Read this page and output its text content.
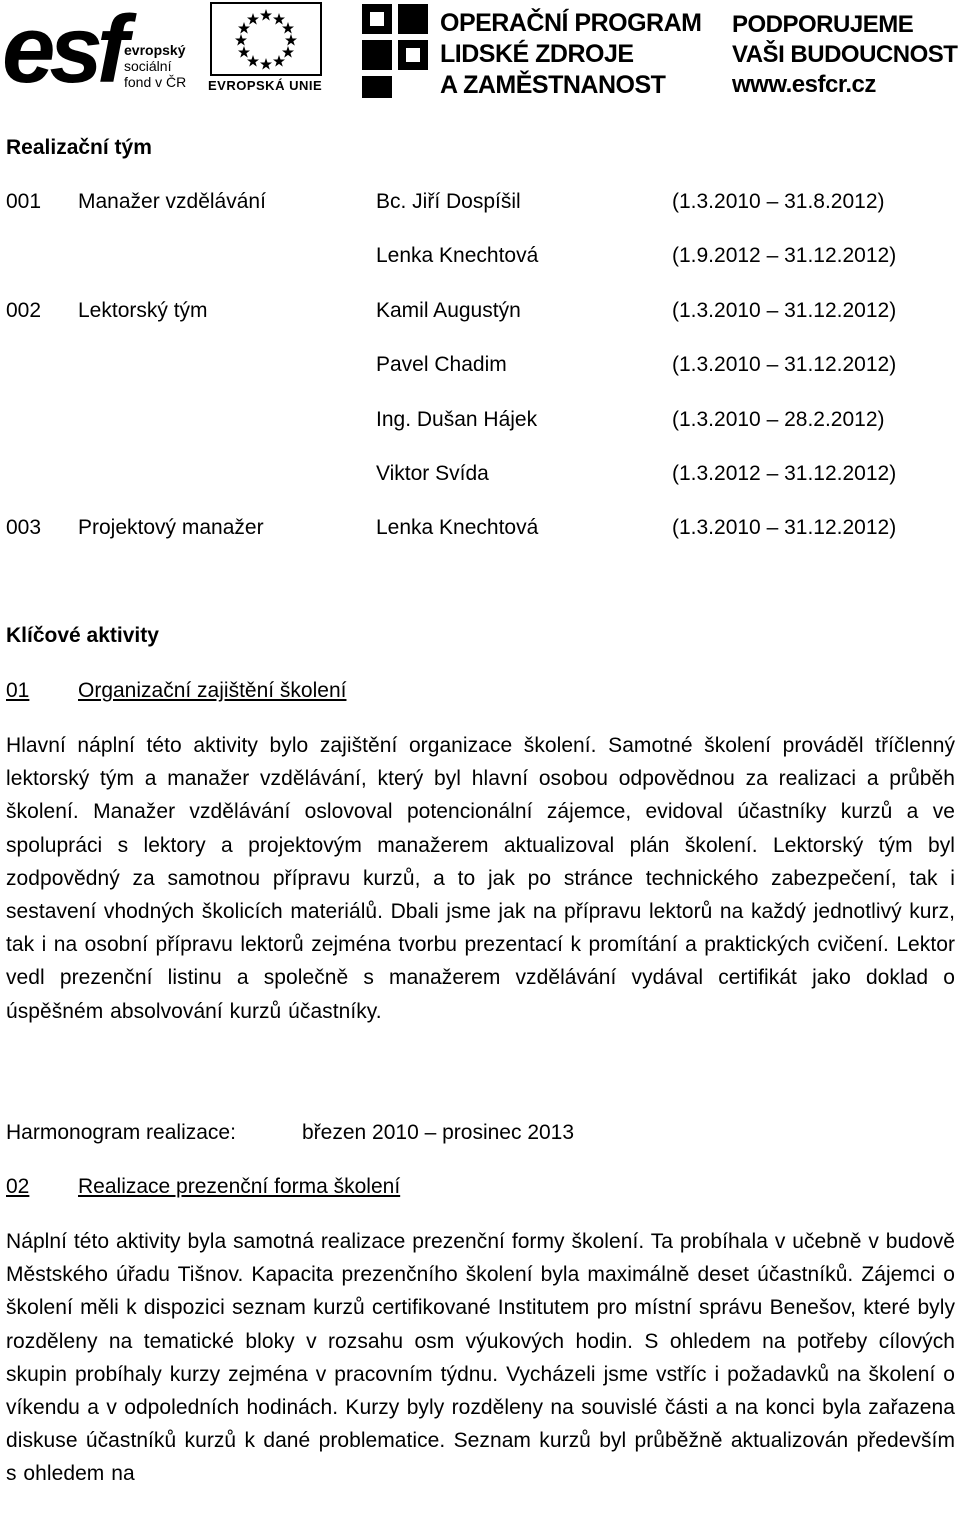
esf evropský
sociální
fond v ČR EVROPSKÁ UNIE
OPERAČNÍ PROGRAM
LIDSKÉ ZDROJE
A ZAMĚSTNANOST
PODPORUJEME
VAŠI BUDOUCNOST
www.esfcr.cz
Realizační tým
001 Manažer vzdělávání	Bc. Jiří Dospíšil	(1.3.2010 – 31.8.2012)
Lenka Knechtová	(1.9.2012 – 31.12.2012)
002 Lektorský tým	Kamil Augustýn	(1.3.2010 – 31.12.2012)
Pavel Chadim	(1.3.2010 – 31.12.2012)
Ing. Dušan Hájek	(1.3.2010 – 28.2.2012)
Viktor Svída	(1.3.2012 – 31.12.2012)
003 Projektový manažer	Lenka Knechtová	(1.3.2010 – 31.12.2012)
Klíčové aktivity
01 Organizační zajištění školení
Hlavní náplní této aktivity bylo zajištění organizace školení. Samotné školení prováděl tříčlenný lektorský tým a manažer vzdělávání, který byl hlavní osobou odpovědnou za realizaci a průběh školení. Manažer vzdělávání oslovoval potencionální zájemce, evidoval účastníky kurzů a ve spolupráci s lektory a projektovým manažerem aktualizoval plán školení. Lektorský tým byl zodpovědný za samotnou přípravu kurzů, a to jak po stránce technického zabezpečení, tak i sestavení vhodných školicích materiálů. Dbali jsme jak na přípravu lektorů na každý jednotlivý kurz, tak i na osobní přípravu lektorů zejména tvorbu prezentací k promítání a praktických cvičení. Lektor vedl prezenční listinu a společně s manažerem vzdělávání vydával certifikát jako doklad o úspěšném absolvování kurzů účastníky.
Harmonogram realizace:	březen 2010 – prosinec 2013
02 Realizace prezenční forma školení
Náplní této aktivity byla samotná realizace prezenční formy školení. Ta probíhala v učebně v budově Městského úřadu Tišnov. Kapacita prezenčního školení byla maximálně deset účastníků. Zájemci o školení měli k dispozici seznam kurzů certifikované Institutem pro místní správu Benešov, které byly rozděleny na tematické bloky v rozsahu osm výukových hodin. S ohledem na potřeby cílových skupin probíhaly kurzy zejména v pracovním týdnu. Vycházeli jsme vstříc i požadavků na školení o víkendu a v odpoledních hodinách. Kurzy byly rozděleny na souvislé části a na konci byla zařazena diskuse účastníků kurzů k dané problematice. Seznam kurzů byl průběžně aktualizován především s ohledem na
